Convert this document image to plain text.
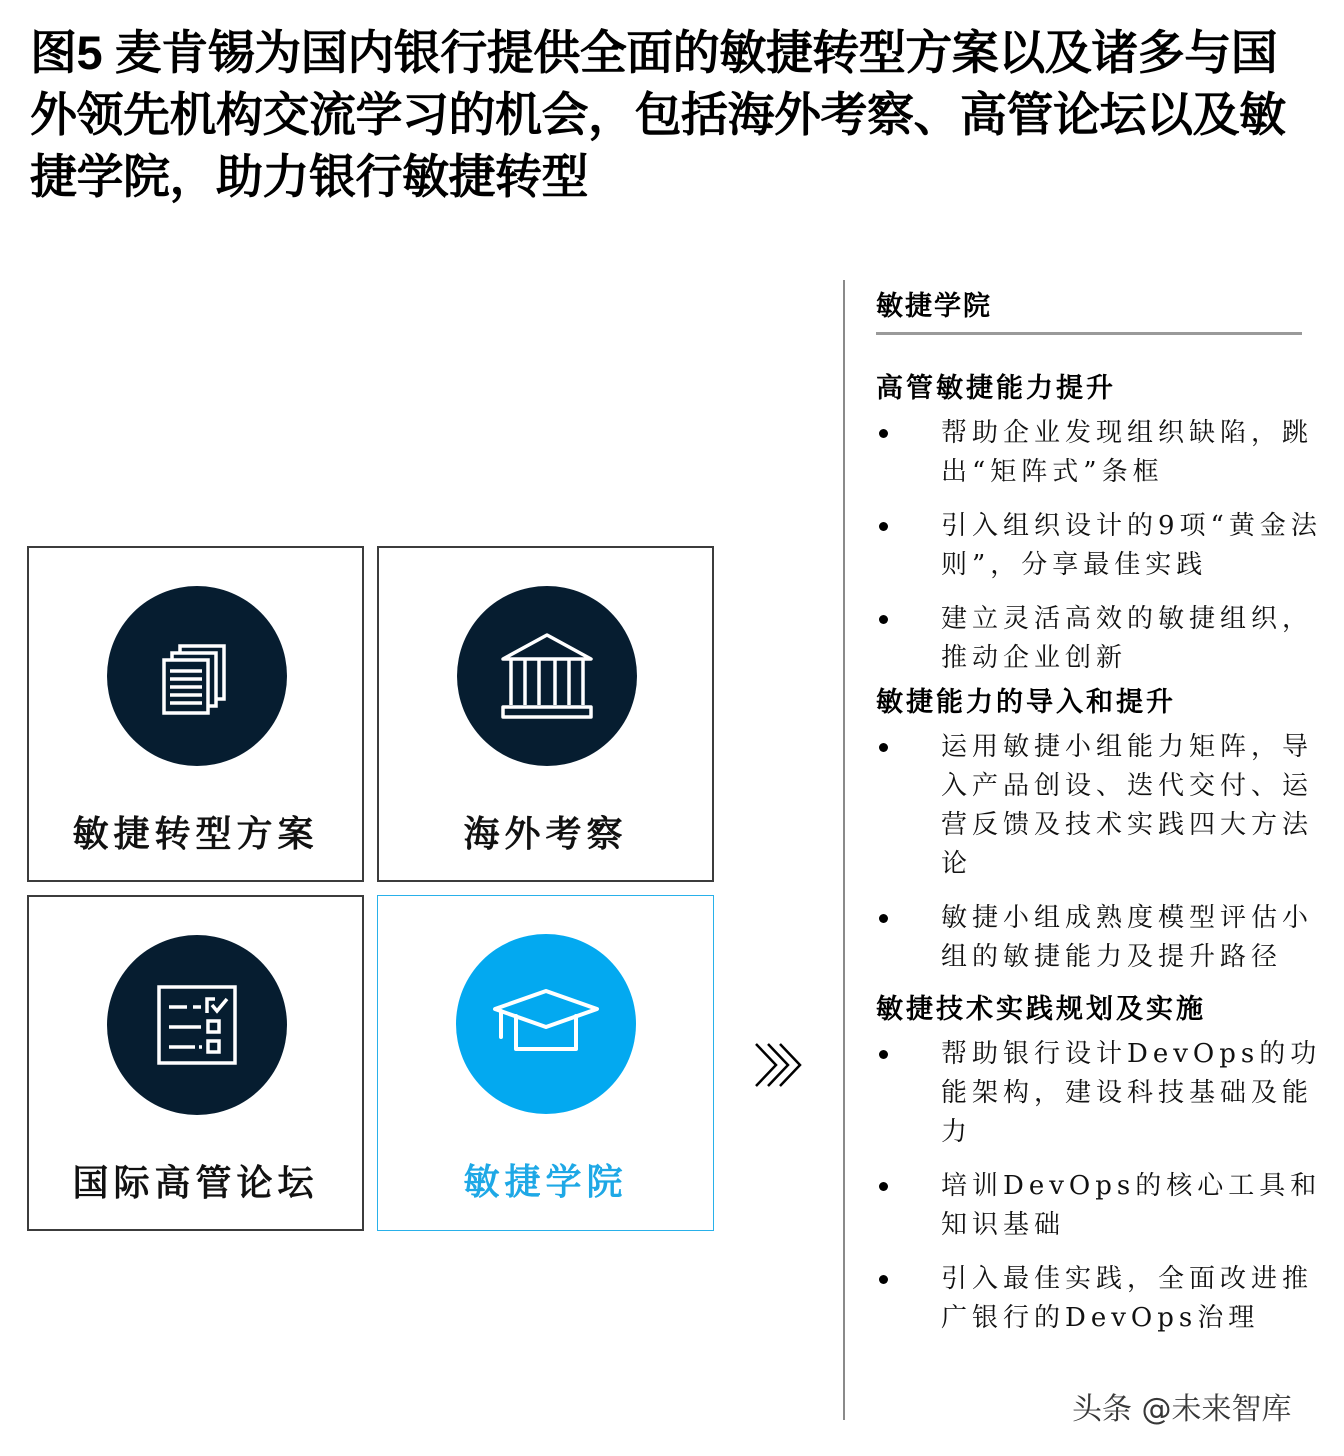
图5 麦肯锡为国内银行提供全面的敏捷转型方案以及诸多与国外领先机构交流学习的机会，包括海外考察、高管论坛以及敏捷学院，助力银行敏捷转型
敏捷转型方案	海外考察
国际高管论坛	敏捷学院
敏捷学院
高管敏捷能力提升
帮助企业发现组织缺陷，跳出“矩阵式”条框
引入组织设计的9项“黄金法则”，分享最佳实践
建立灵活高效的敏捷组织，推动企业创新
敏捷能力的导入和提升
运用敏捷小组能力矩阵，导入产品创设、迭代交付、运营反馈及技术实践四大方法论
敏捷小组成熟度模型评估小组的敏捷能力及提升路径
敏捷技术实践规划及实施
帮助银行设计DevOps的功能架构，建设科技基础及能力
培训DevOps的核心工具和知识基础
引入最佳实践，全面改进推广银行的DevOps治理
头条 @未来智库
